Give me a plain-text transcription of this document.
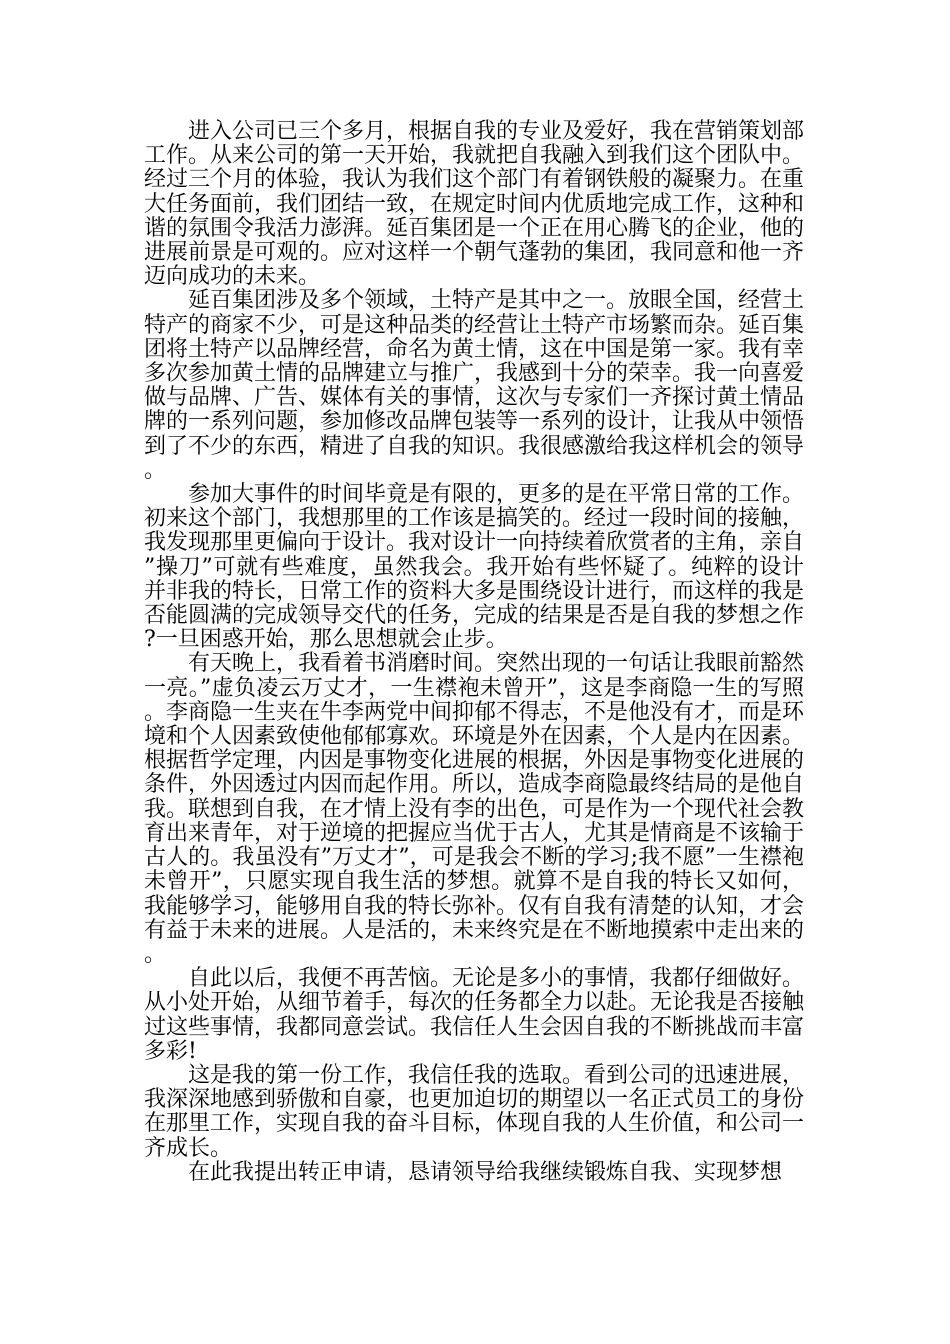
进入公司已三个多月，根据自我的专业及爱好，我在营销策划部工作。从来公司的第一天开始，我就把自我融入到我们这个团队中。经过三个月的体验，我认为我们这个部门有着钢铁般的凝聚力。在重大任务面前，我们团结一致，在规定时间内优质地完成工作，这种和谐的氛围令我活力澎湃。延百集团是一个正在用心腾飞的企业，他的进展前景是可观的。应对这样一个朝气蓬勃的集团，我同意和他一齐迈向成功的未来。

延百集团涉及多个领域，土特产是其中之一。放眼全国，经营土特产的商家不少，可是这种品类的经营让土特产市场繁而杂。延百集团将土特产以品牌经营，命名为黄土情，这在中国是第一家。我有幸多次参加黄土情的品牌建立与推广，我感到十分的荣幸。我一向喜爱做与品牌、广告、媒体有关的事情，这次与专家们一齐探讨黄土情品牌的一系列问题，参加修改品牌包装等一系列的设计，让我从中领悟到了不少的东西，精进了自我的知识。我很感激给我这样机会的领导。

参加大事件的时间毕竟是有限的，更多的是在平常日常的工作。初来这个部门，我想那里的工作该是搞笑的。经过一段时间的接触，我发现那里更偏向于设计。我对设计一向持续着欣赏者的主角，亲自”操刀”可就有些难度，虽然我会。我开始有些怀疑了。纯粹的设计并非我的特长，日常工作的资料大多是围绕设计进行，而这样的我是否能圆满的完成领导交代的任务，完成的结果是否是自我的梦想之作?一旦困惑开始，那么思想就会止步。

有天晚上，我看着书消磨时间。突然出现的一句话让我眼前豁然一亮。”虚负凌云万丈才，一生襟袍未曾开”，这是李商隐一生的写照。李商隐一生夹在牛李两党中间抑郁不得志，不是他没有才，而是环境和个人因素致使他郁郁寡欢。环境是外在因素，个人是内在因素。根据哲学定理，内因是事物变化进展的根据，外因是事物变化进展的条件，外因透过内因而起作用。所以，造成李商隐最终结局的是他自我。联想到自我，在才情上没有李的出色，可是作为一个现代社会教育出来青年，对于逆境的把握应当优于古人，尤其是情商是不该输于古人的。我虽没有”万丈才”，可是我会不断的学习;我不愿”一生襟袍未曾开”，只愿实现自我生活的梦想。就算不是自我的特长又如何，我能够学习，能够用自我的特长弥补。仅有自我有清楚的认知，才会有益于未来的进展。人是活的，未来终究是在不断地摸索中走出来的。

自此以后，我便不再苦恼。无论是多小的事情，我都仔细做好。从小处开始，从细节着手，每次的任务都全力以赴。无论我是否接触过这些事情，我都同意尝试。我信任人生会因自我的不断挑战而丰富多彩!

这是我的第一份工作，我信任我的选取。看到公司的迅速进展，我深深地感到骄傲和自豪，也更加迫切的期望以一名正式员工的身份在那里工作，实现自我的奋斗目标，体现自我的人生价值，和公司一齐成长。

在此我提出转正申请，恳请领导给我继续锻炼自我、实现梦想
